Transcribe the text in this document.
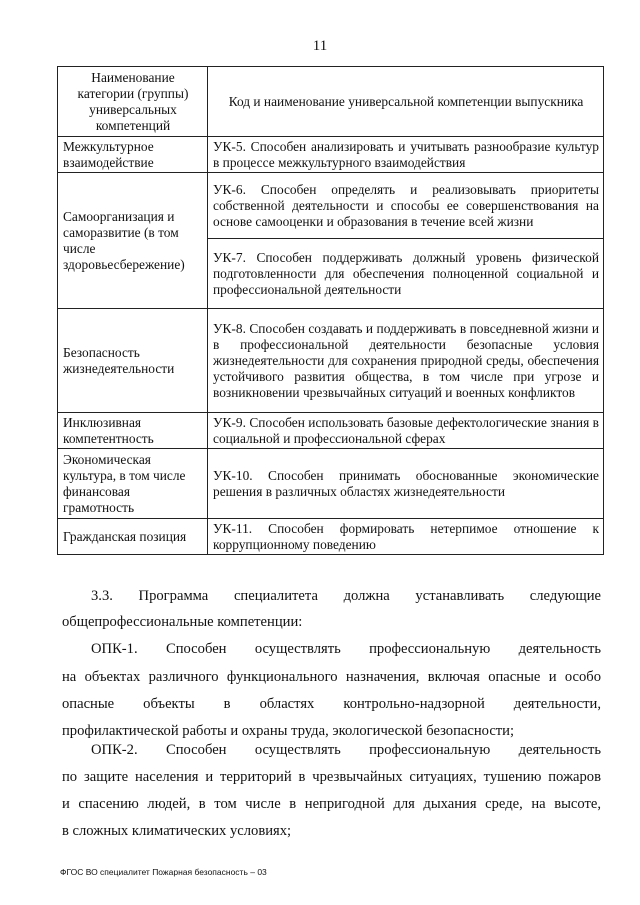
11
Наименование категории (группы) универсальных компетенций	Код и наименование универсальной компетенции выпускника
Межкультурное взаимодействие	УК-5. Способен анализировать и учитывать разнообразие культур в процессе межкультурного взаимодействия
Самоорганизация и саморазвитие (в том числе здоровьесбережение)	УК-6. Способен определять и реализовывать приоритеты собственной деятельности и способы ее совершенствования на основе самооценки и образования в течение всей жизни
	УК-7. Способен поддерживать должный уровень физической подготовленности для обеспечения полноценной социальной и профессиональной деятельности
Безопасность жизнедеятельности	УК-8. Способен создавать и поддерживать в повседневной жизни и в профессиональной деятельности безопасные условия жизнедеятельности для сохранения природной среды, обеспечения устойчивого развития общества, в том числе при угрозе и возникновении чрезвычайных ситуаций и военных конфликтов
Инклюзивная компетентность	УК-9. Способен использовать базовые дефектологические знания в социальной и профессиональной сферах
Экономическая культура, в том числе финансовая грамотность	УК-10. Способен принимать обоснованные экономические решения в различных областях жизнедеятельности
Гражданская позиция	УК-11. Способен формировать нетерпимое отношение к коррупционному поведению
3.3. Программа специалитета должна устанавливать следующие
общепрофессиональные компетенции:
ОПК-1. Способен осуществлять профессиональную деятельность
на объектах различного функционального назначения, включая опасные и особо
опасные объекты в областях контрольно-надзорной деятельности,
профилактической работы и охраны труда, экологической безопасности;
ОПК-2. Способен осуществлять профессиональную деятельность
по защите населения и территорий в чрезвычайных ситуациях, тушению пожаров
и спасению людей, в том числе в непригодной для дыхания среде, на высоте,
в сложных климатических условиях;
ФГОС ВО специалитет Пожарная безопасность – 03
